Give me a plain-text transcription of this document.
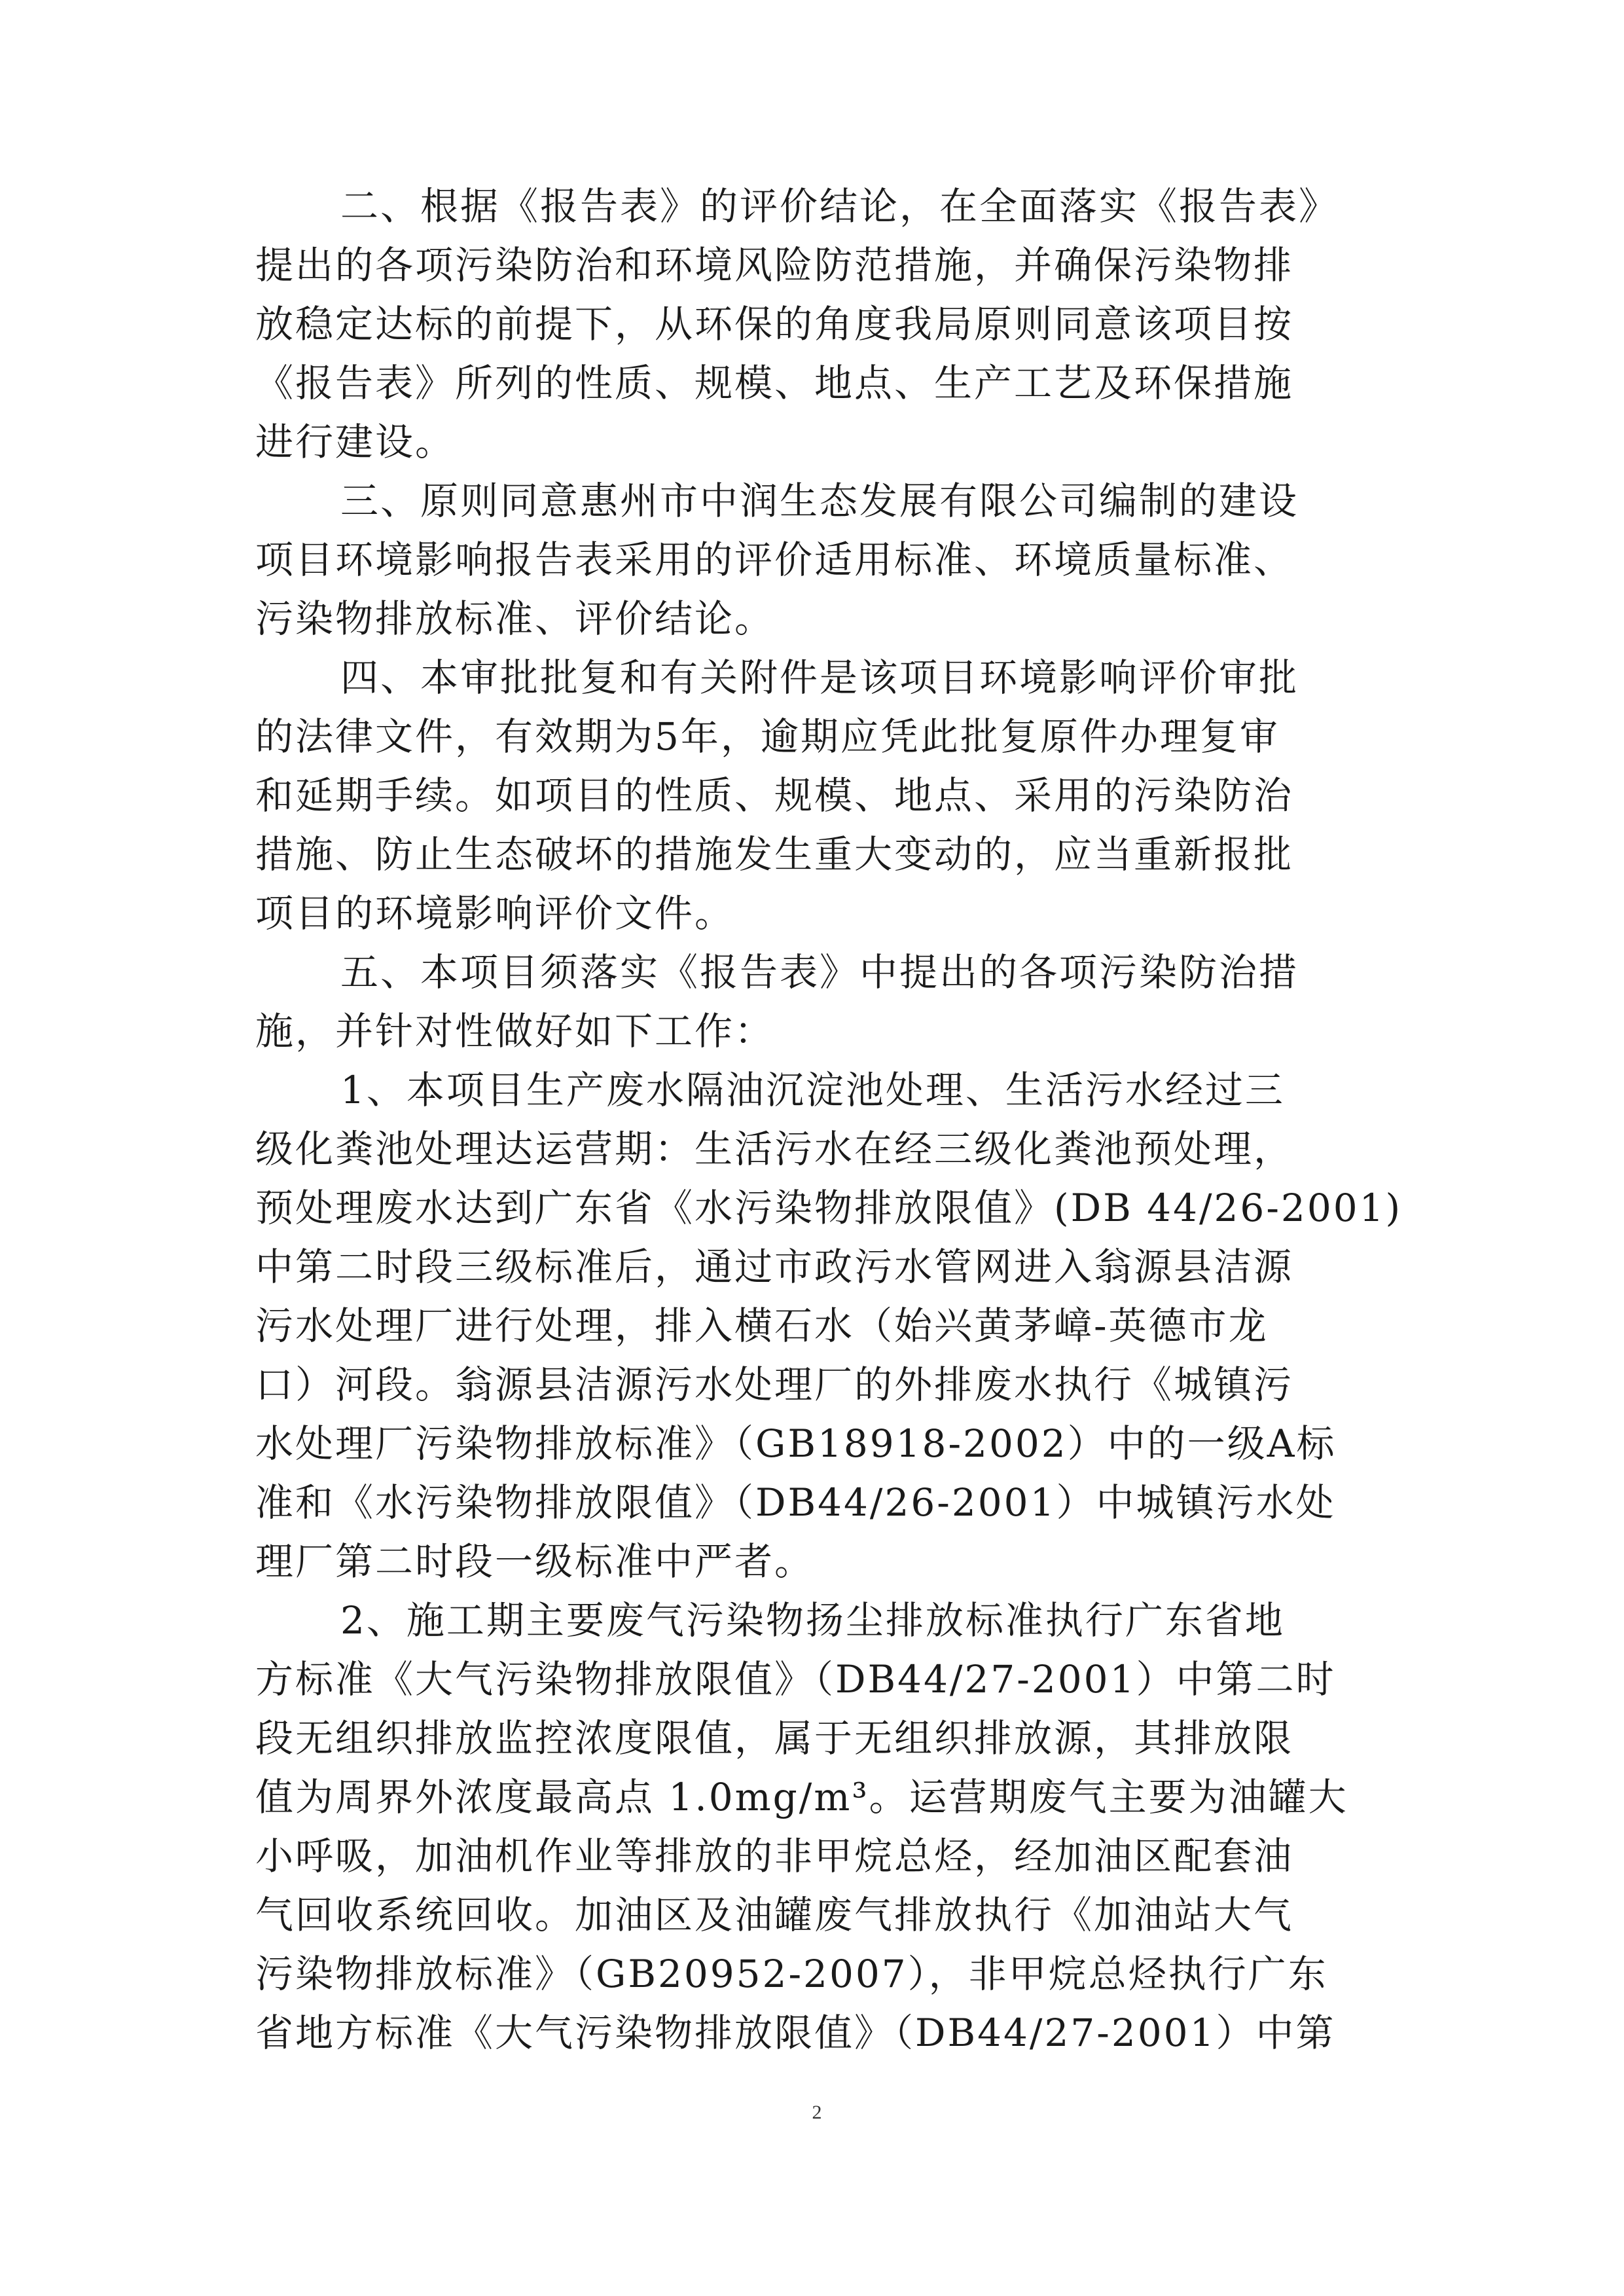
二、根据《报告表》的评价结论，在全面落实《报告表》
提出的各项污染防治和环境风险防范措施，并确保污染物排
放稳定达标的前提下，从环保的角度我局原则同意该项目按
《报告表》所列的性质、规模、地点、生产工艺及环保措施
进行建设。
三、原则同意惠州市中润生态发展有限公司编制的建设
项目环境影响报告表采用的评价适用标准、环境质量标准、
污染物排放标准、评价结论。
四、本审批批复和有关附件是该项目环境影响评价审批
的法律文件，有效期为5年，逾期应凭此批复原件办理复审
和延期手续。如项目的性质、规模、地点、采用的污染防治
措施、防止生态破坏的措施发生重大变动的，应当重新报批
项目的环境影响评价文件。
五、本项目须落实《报告表》中提出的各项污染防治措
施，并针对性做好如下工作：
1、本项目生产废水隔油沉淀池处理、生活污水经过三
级化粪池处理达运营期：生活污水在经三级化粪池预处理，
预处理废水达到广东省《水污染物排放限值》(DB 44/26-2001)
中第二时段三级标准后，通过市政污水管网进入翁源县洁源
污水处理厂进行处理，排入横石水（始兴黄茅嶂-英德市龙
口）河段。翁源县洁源污水处理厂的外排废水执行《城镇污
水处理厂污染物排放标准》（GB18918-2002）中的一级A标
准和《水污染物排放限值》（DB44/26-2001）中城镇污水处
理厂第二时段一级标准中严者。
2、施工期主要废气污染物扬尘排放标准执行广东省地
方标准《大气污染物排放限值》（DB44/27-2001）中第二时
段无组织排放监控浓度限值，属于无组织排放源，其排放限
值为周界外浓度最高点 1.0mg/m³。运营期废气主要为油罐大
小呼吸，加油机作业等排放的非甲烷总烃，经加油区配套油
气回收系统回收。加油区及油罐废气排放执行《加油站大气
污染物排放标准》（GB20952-2007），非甲烷总烃执行广东
省地方标准《大气污染物排放限值》（DB44/27-2001）中第
2
